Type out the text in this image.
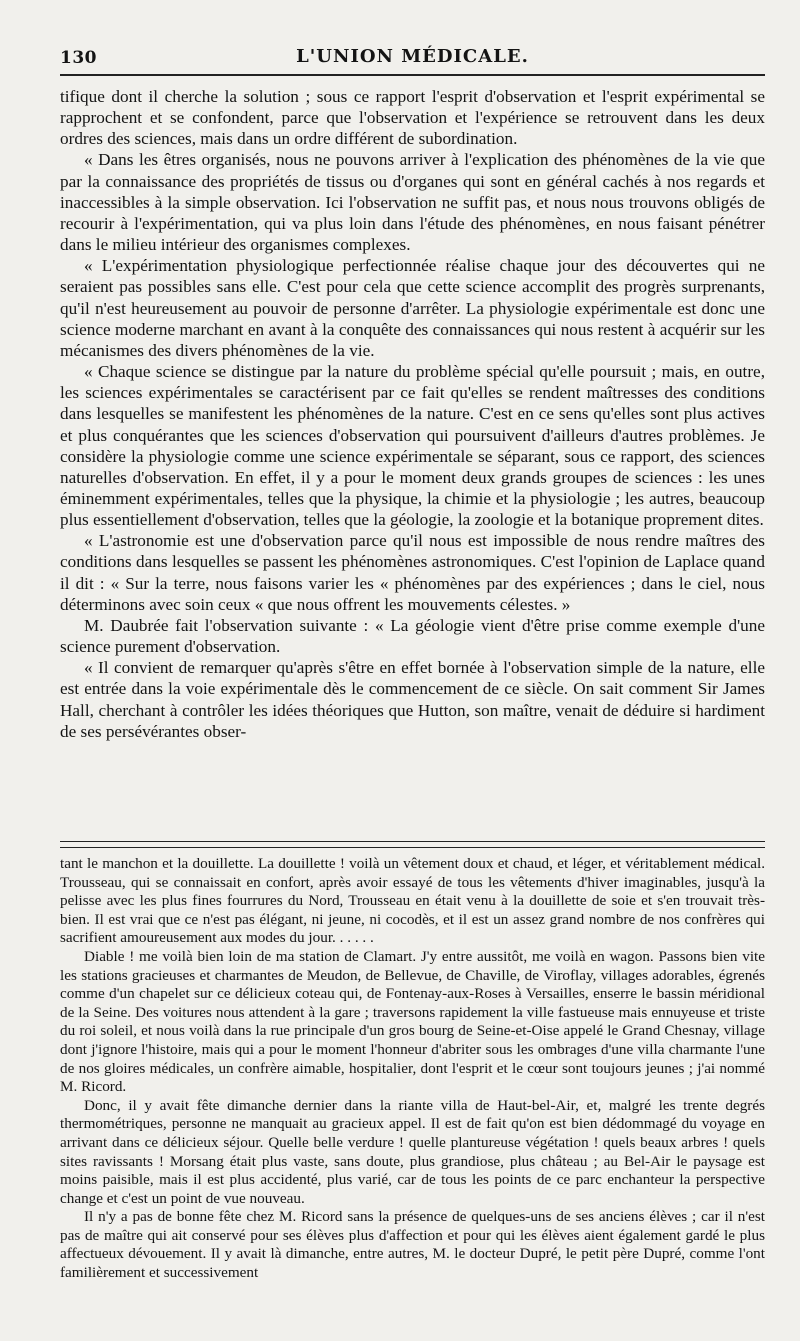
130	L'UNION MÉDICALE.

tifique dont il cherche la solution ; sous ce rapport l'esprit d'observation et l'esprit expérimental se rapprochent et se confondent, parce que l'observation et l'expérience se retrouvent dans les deux ordres des sciences, mais dans un ordre différent de subordination.

« Dans les êtres organisés, nous ne pouvons arriver à l'explication des phénomènes de la vie que par la connaissance des propriétés de tissus ou d'organes qui sont en général cachés à nos regards et inaccessibles à la simple observation. Ici l'observation ne suffit pas, et nous nous trouvons obligés de recourir à l'expérimentation, qui va plus loin dans l'étude des phénomènes, en nous faisant pénétrer dans le milieu intérieur des organismes complexes.

« L'expérimentation physiologique perfectionnée réalise chaque jour des découvertes qui ne seraient pas possibles sans elle. C'est pour cela que cette science accomplit des progrès surprenants, qu'il n'est heureusement au pouvoir de personne d'arrêter. La physiologie expérimentale est donc une science moderne marchant en avant à la conquête des connaissances qui nous restent à acquérir sur les mécanismes des divers phénomènes de la vie.

« Chaque science se distingue par la nature du problème spécial qu'elle poursuit ; mais, en outre, les sciences expérimentales se caractérisent par ce fait qu'elles se rendent maîtresses des conditions dans lesquelles se manifestent les phénomènes de la nature. C'est en ce sens qu'elles sont plus actives et plus conquérantes que les sciences d'observation qui poursuivent d'ailleurs d'autres problèmes. Je considère la physiologie comme une science expérimentale se séparant, sous ce rapport, des sciences naturelles d'observation. En effet, il y a pour le moment deux grands groupes de sciences : les unes éminemment expérimentales, telles que la physique, la chimie et la physiologie ; les autres, beaucoup plus essentiellement d'observation, telles que la géologie, la zoologie et la botanique proprement dites.

« L'astronomie est une d'observation parce qu'il nous est impossible de nous rendre maîtres des conditions dans lesquelles se passent les phénomènes astronomiques. C'est l'opinion de Laplace quand il dit : « Sur la terre, nous faisons varier les « phénomènes par des expériences ; dans le ciel, nous déterminons avec soin ceux « que nous offrent les mouvements célestes. »

M. Daubrée fait l'observation suivante : « La géologie vient d'être prise comme exemple d'une science purement d'observation.

« Il convient de remarquer qu'après s'être en effet bornée à l'observation simple de la nature, elle est entrée dans la voie expérimentale dès le commencement de ce siècle. On sait comment Sir James Hall, cherchant à contrôler les idées théoriques que Hutton, son maître, venait de déduire si hardiment de ses persévérantes obser-

tant le manchon et la douillette. La douillette ! voilà un vêtement doux et chaud, et léger, et véritablement médical. Trousseau, qui se connaissait en confort, après avoir essayé de tous les vêtements d'hiver imaginables, jusqu'à la pelisse avec les plus fines fourrures du Nord, Trousseau en était venu à la douillette de soie et s'en trouvait très-bien. Il est vrai que ce n'est pas élégant, ni jeune, ni cocodès, et il est un assez grand nombre de nos confrères qui sacrifient amoureusement aux modes du jour. . . . . .

Diable ! me voilà bien loin de ma station de Clamart. J'y entre aussitôt, me voilà en wagon. Passons bien vite les stations gracieuses et charmantes de Meudon, de Bellevue, de Chaville, de Viroflay, villages adorables, égrenés comme d'un chapelet sur ce délicieux coteau qui, de Fontenay-aux-Roses à Versailles, enserre le bassin méridional de la Seine. Des voitures nous attendent à la gare ; traversons rapidement la ville fastueuse mais ennuyeuse et triste du roi soleil, et nous voilà dans la rue principale d'un gros bourg de Seine-et-Oise appelé le Grand Chesnay, village dont j'ignore l'histoire, mais qui a pour le moment l'honneur d'abriter sous les ombrages d'une villa charmante l'une de nos gloires médicales, un confrère aimable, hospitalier, dont l'esprit et le cœur sont toujours jeunes ; j'ai nommé M. Ricord.

Donc, il y avait fête dimanche dernier dans la riante villa de Haut-bel-Air, et, malgré les trente degrés thermométriques, personne ne manquait au gracieux appel. Il est de fait qu'on est bien dédommagé du voyage en arrivant dans ce délicieux séjour. Quelle belle verdure ! quelle plantureuse végétation ! quels beaux arbres ! quels sites ravissants ! Morsang était plus vaste, sans doute, plus grandiose, plus château ; au Bel-Air le paysage est moins paisible, mais il est plus accidenté, plus varié, car de tous les points de ce parc enchanteur la perspective change et c'est un point de vue nouveau.

Il n'y a pas de bonne fête chez M. Ricord sans la présence de quelques-uns de ses anciens élèves ; car il n'est pas de maître qui ait conservé pour ses élèves plus d'affection et pour qui les élèves aient également gardé le plus affectueux dévouement. Il y avait là dimanche, entre autres, M. le docteur Dupré, le petit père Dupré, comme l'ont familièrement et successivement
